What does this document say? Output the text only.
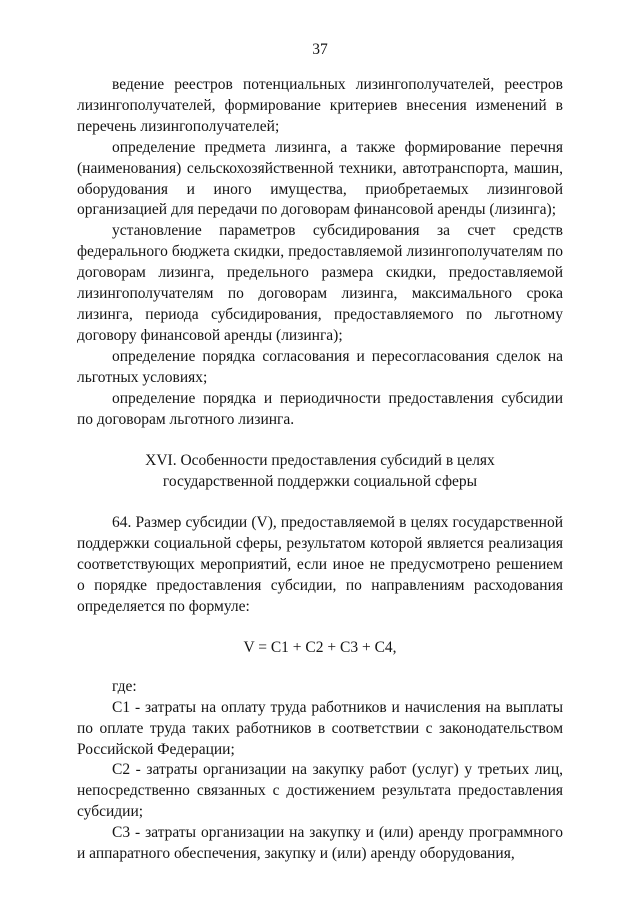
37

ведение реестров потенциальных лизингополучателей, реестров лизингополучателей, формирование критериев внесения изменений в перечень лизингополучателей;

определение предмета лизинга, а также формирование перечня (наименования) сельскохозяйственной техники, автотранспорта, машин, оборудования и иного имущества, приобретаемых лизинговой организацией для передачи по договорам финансовой аренды (лизинга);

установление параметров субсидирования за счет средств федерального бюджета скидки, предоставляемой лизингополучателям по договорам лизинга, предельного размера скидки, предоставляемой лизингополучателям по договорам лизинга, максимального срока лизинга, периода субсидирования, предоставляемого по льготному договору финансовой аренды (лизинга);

определение порядка согласования и пересогласования сделок на льготных условиях;

определение порядка и периодичности предоставления субсидии по договорам льготного лизинга.

XVI. Особенности предоставления субсидий в целях
государственной поддержки социальной сферы

64. Размер субсидии (V), предоставляемой в целях государственной поддержки социальной сферы, результатом которой является реализация соответствующих мероприятий, если иное не предусмотрено решением о порядке предоставления субсидии, по направлениям расходования определяется по формуле:

V = C1 + C2 + C3 + C4,

где:

C1 - затраты на оплату труда работников и начисления на выплаты по оплате труда таких работников в соответствии с законодательством Российской Федерации;

C2 - затраты организации на закупку работ (услуг) у третьих лиц, непосредственно связанных с достижением результата предоставления субсидии;

C3 - затраты организации на закупку и (или) аренду программного и аппаратного обеспечения, закупку и (или) аренду оборудования,
